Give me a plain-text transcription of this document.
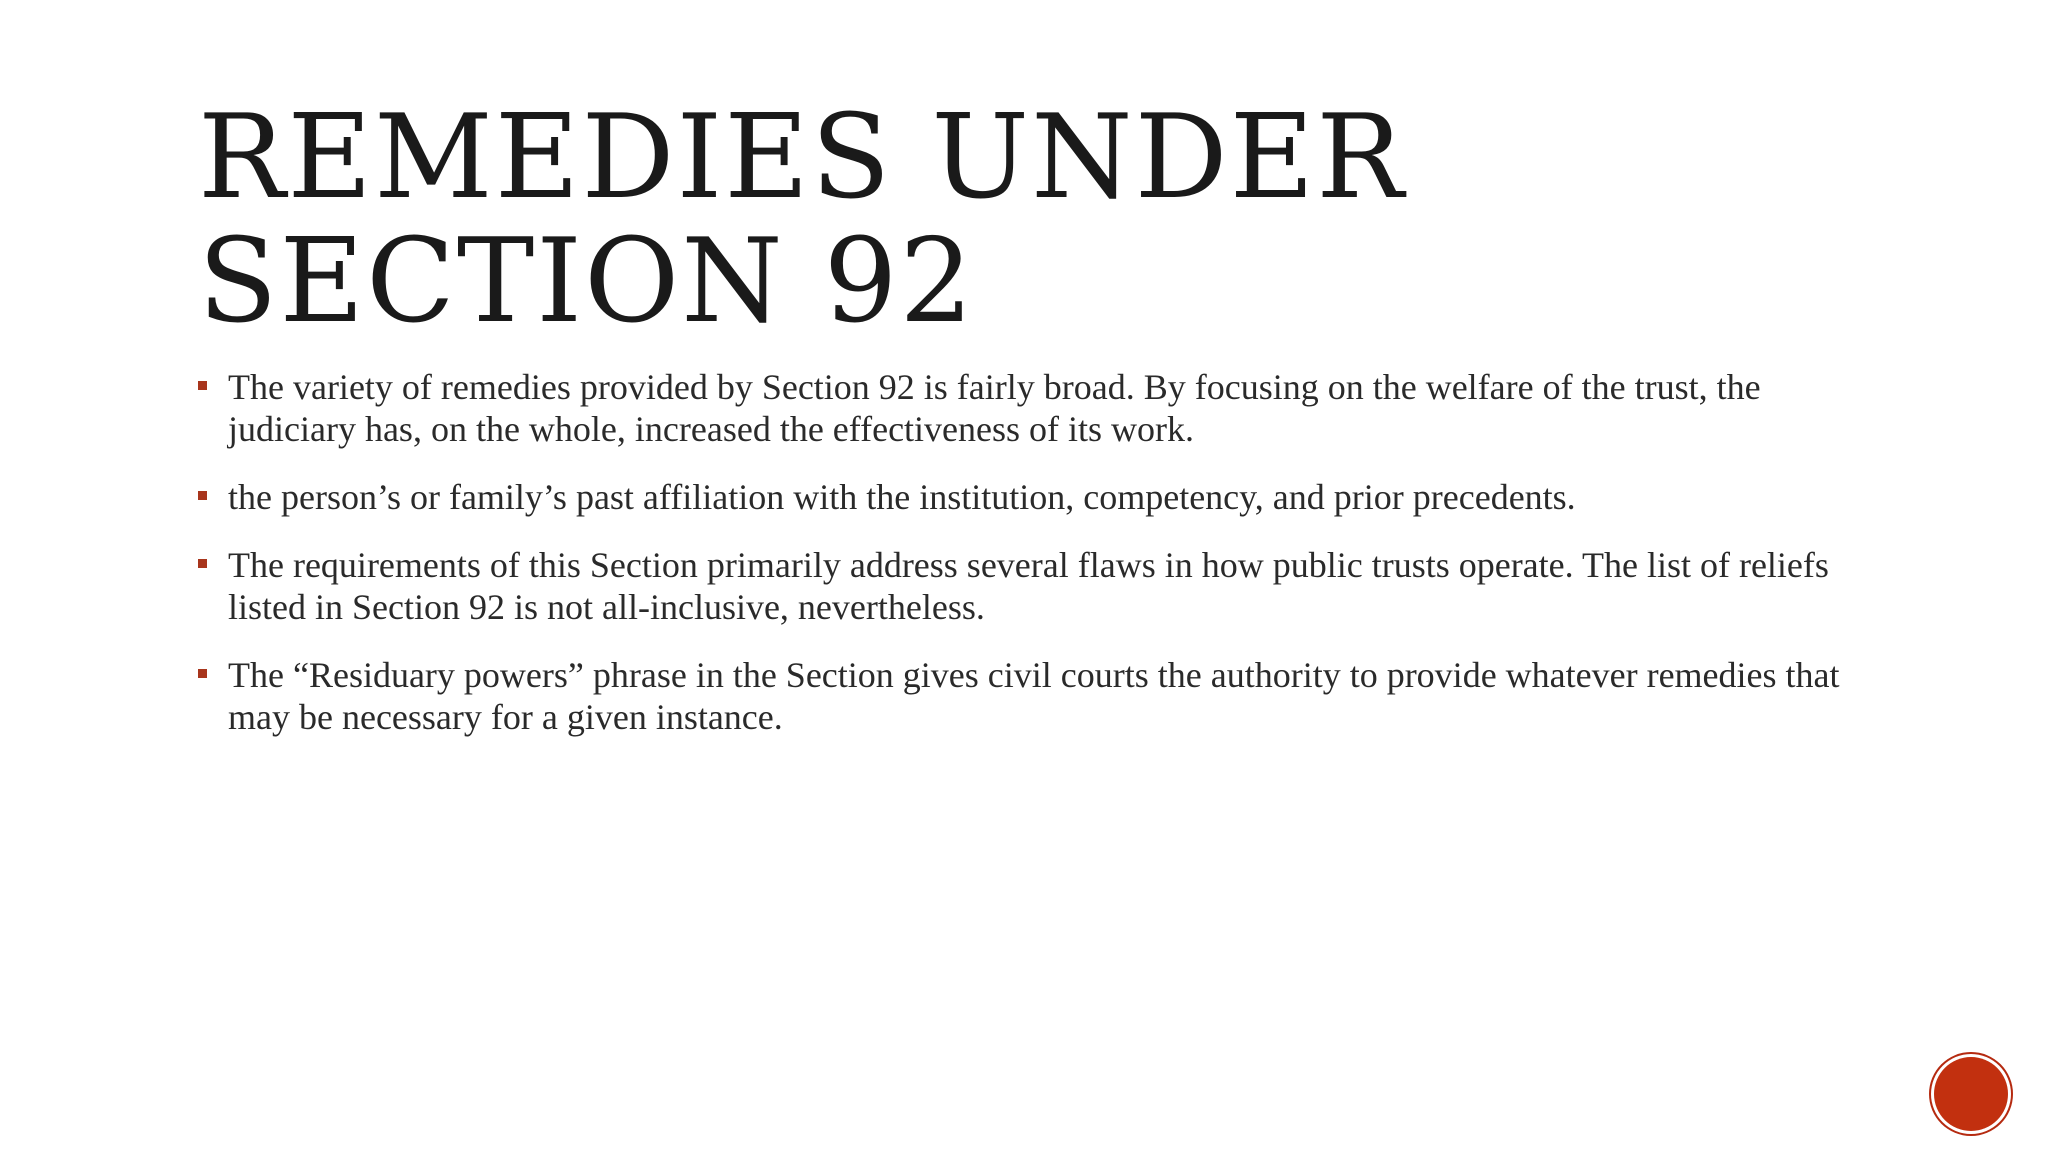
REMEDIES UNDER
SECTION 92
The variety of remedies provided by Section 92 is fairly broad. By focusing on the welfare of the trust, the judiciary has, on the whole, increased the effectiveness of its work.
the person’s or family’s past affiliation with the institution, competency, and prior precedents.
The requirements of this Section primarily address several flaws in how public trusts operate. The list of reliefs listed in Section 92 is not all-inclusive, nevertheless.
The “Residuary powers” phrase in the Section gives civil courts the authority to provide whatever remedies that may be necessary for a given instance.
